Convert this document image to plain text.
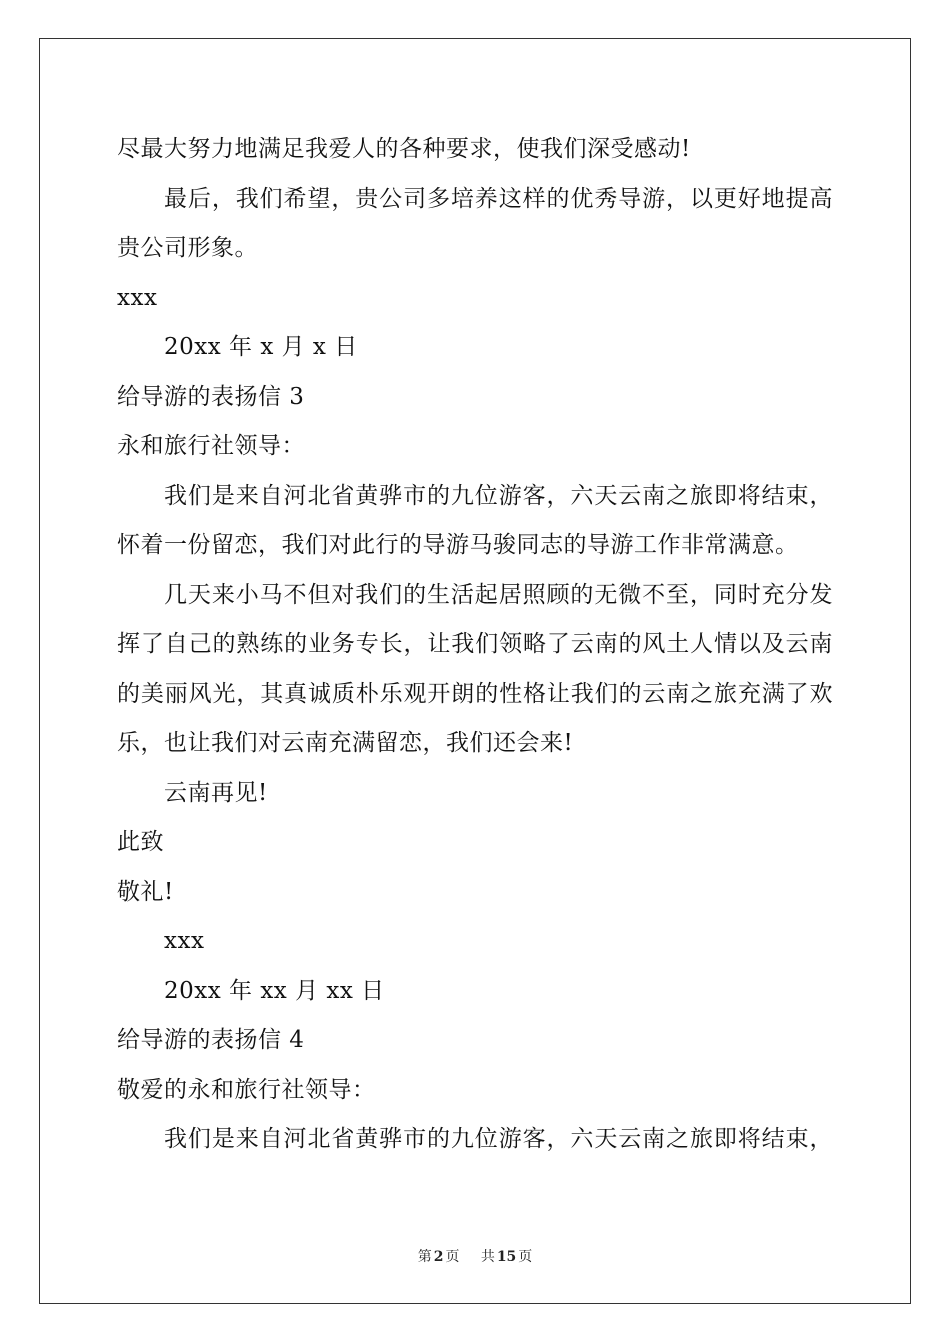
尽最大努力地满足我爱人的各种要求，使我们深受感动!
最后，我们希望，贵公司多培养这样的优秀导游，以更好地提高
贵公司形象。
xxx
20xx 年 x 月 x 日
给导游的表扬信 3
永和旅行社领导：
我们是来自河北省黄骅市的九位游客，六天云南之旅即将结束，
怀着一份留恋，我们对此行的导游马骏同志的导游工作非常满意。
几天来小马不但对我们的生活起居照顾的无微不至，同时充分发
挥了自己的熟练的业务专长，让我们领略了云南的风土人情以及云南
的美丽风光，其真诚质朴乐观开朗的性格让我们的云南之旅充满了欢
乐，也让我们对云南充满留恋，我们还会来!
云南再见!
此致
敬礼!
xxx
20xx 年 xx 月 xx 日
给导游的表扬信 4
敬爱的永和旅行社领导：
我们是来自河北省黄骅市的九位游客，六天云南之旅即将结束，
第 2 页 共 15 页
